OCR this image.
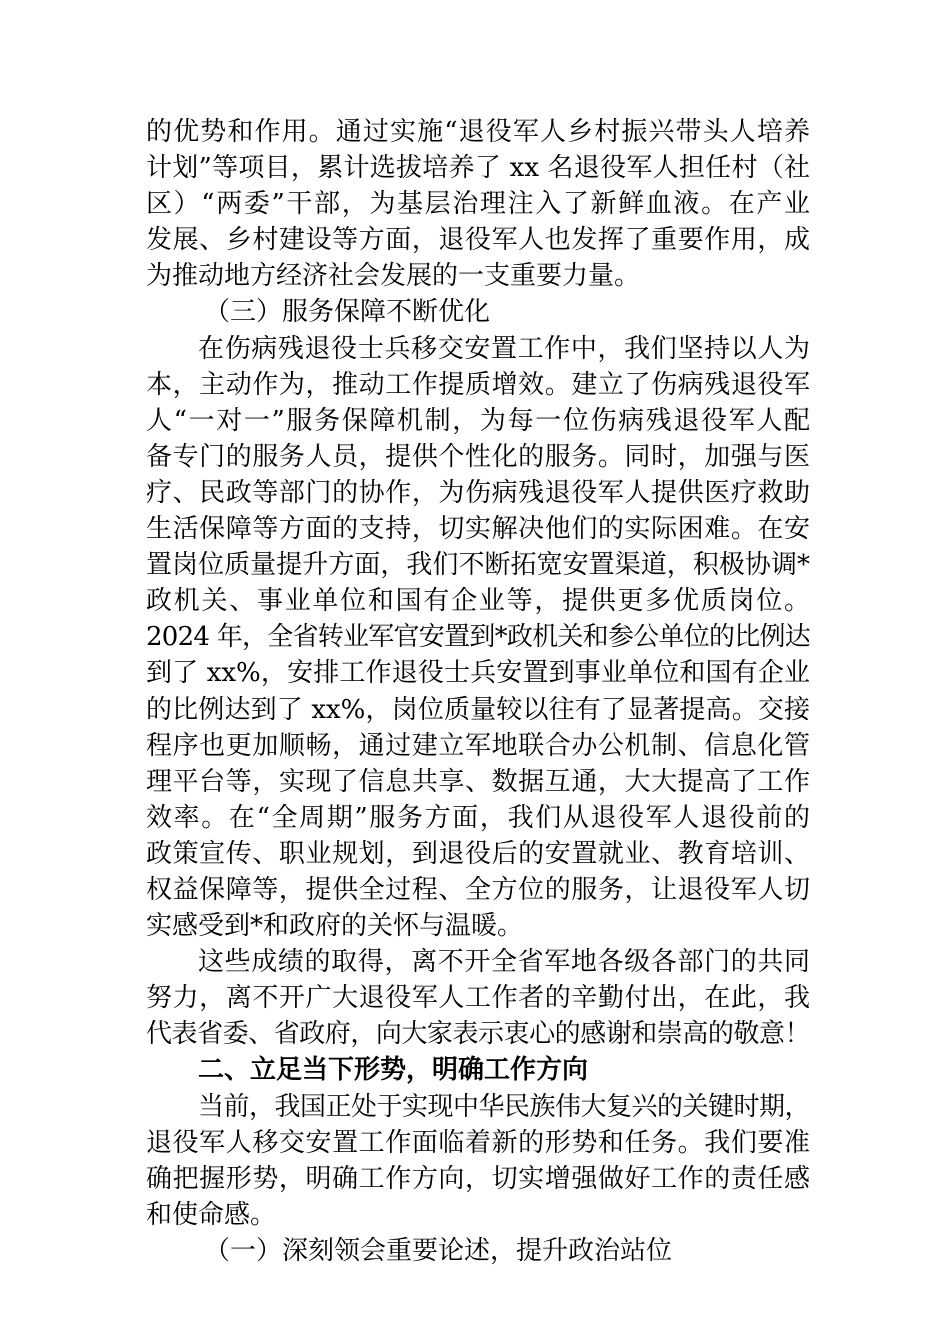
的优势和作用。通过实施“退役军人乡村振兴带头人培养
计划”等项目，累计选拔培养了 xx 名退役军人担任村（社
区）“两委”干部，为基层治理注入了新鲜血液。在产业
发展、乡村建设等方面，退役军人也发挥了重要作用，成
为推动地方经济社会发展的一支重要力量。
（三）服务保障不断优化
在伤病残退役士兵移交安置工作中，我们坚持以人为
本，主动作为，推动工作提质增效。建立了伤病残退役军
人“一对一”服务保障机制，为每一位伤病残退役军人配
备专门的服务人员，提供个性化的服务。同时，加强与医
疗、民政等部门的协作，为伤病残退役军人提供医疗救助
生活保障等方面的支持，切实解决他们的实际困难。在安
置岗位质量提升方面，我们不断拓宽安置渠道，积极协调*
政机关、事业单位和国有企业等，提供更多优质岗位。
2024 年，全省转业军官安置到*政机关和参公单位的比例达
到了 xx%，安排工作退役士兵安置到事业单位和国有企业
的比例达到了 xx%，岗位质量较以往有了显著提高。交接
程序也更加顺畅，通过建立军地联合办公机制、信息化管
理平台等，实现了信息共享、数据互通，大大提高了工作
效率。在“全周期”服务方面，我们从退役军人退役前的
政策宣传、职业规划，到退役后的安置就业、教育培训、
权益保障等，提供全过程、全方位的服务，让退役军人切
实感受到*和政府的关怀与温暖。
这些成绩的取得，离不开全省军地各级各部门的共同
努力，离不开广大退役军人工作者的辛勤付出，在此，我
代表省委、省政府，向大家表示衷心的感谢和崇高的敬意！
二、立足当下形势，明确工作方向
当前，我国正处于实现中华民族伟大复兴的关键时期，
退役军人移交安置工作面临着新的形势和任务。我们要准
确把握形势，明确工作方向，切实增强做好工作的责任感
和使命感。
（一）深刻领会重要论述，提升政治站位
